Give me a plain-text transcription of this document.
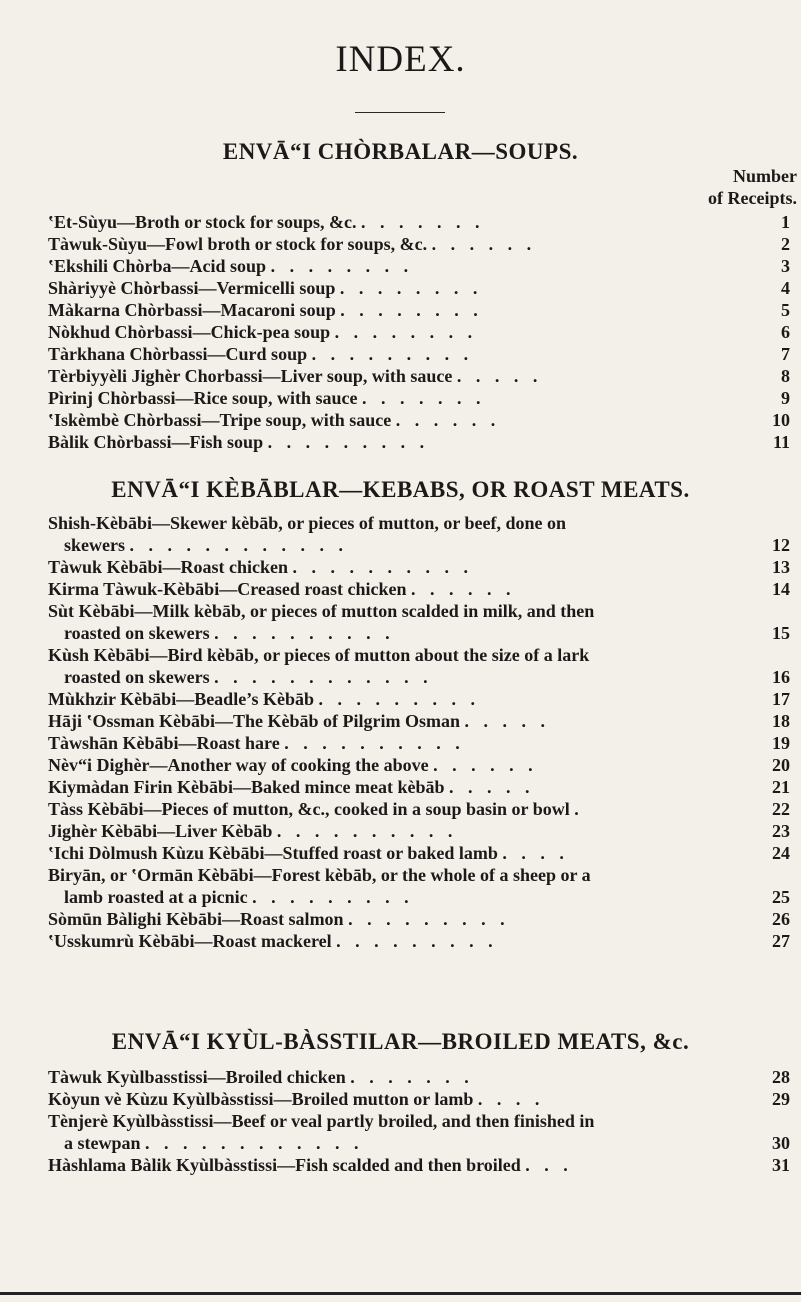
INDEX.
ENVĀ“I CHÒRBALAR—SOUPS.
Number
of Receipts.
ʽEt-Sùyu—Broth or stock for soups, &c. . . . . . . .	1
Tàwuk-Sùyu—Fowl broth or stock for soups, &c. . . . . . .	2
ʽEkshili Chòrba—Acid soup . . . . . . . .	3
Shàriyyè Chòrbassi—Vermicelli soup . . . . . . . .	4
Màkarna Chòrbassi—Macaroni soup . . . . . . . .	5
Nòkhud Chòrbassi—Chick-pea soup . . . . . . . .	6
Tàrkhana Chòrbassi—Curd soup . . . . . . . . .	7
Tèrbiyyèli Jighèr Chorbassi—Liver soup, with sauce . . . . .	8
Pìrinj Chòrbassi—Rice soup, with sauce . . . . . . .	9
ʽIskèmbè Chòrbassi—Tripe soup, with sauce . . . . . .	10
Bàlik Chòrbassi—Fish soup . . . . . . . . .	11
ENVĀ“I KÈBĀBLAR—KEBABS, OR ROAST MEATS.
Shish-Kèbābi—Skewer kèbāb, or pieces of mutton, or beef, done on
skewers . . . . . . . . . . . .	12
Tàwuk Kèbābi—Roast chicken . . . . . . . . . .	13
Kirma Tàwuk-Kèbābi—Creased roast chicken . . . . . .	14
Sùt Kèbābi—Milk kèbāb, or pieces of mutton scalded in milk, and then
roasted on skewers . . . . . . . . . .	15
Kùsh Kèbābi—Bird kèbāb, or pieces of mutton about the size of a lark
roasted on skewers . . . . . . . . . . . .	16
Mùkhzir Kèbābi—Beadle’s Kèbāb . . . . . . . . .	17
Hāji ʽOssman Kèbābi—The Kèbāb of Pilgrim Osman . . . . .	18
Tàwshān Kèbābi—Roast hare . . . . . . . . . .	19
Nèv“i Dighèr—Another way of cooking the above . . . . . .	20
Kiymàdan Firin Kèbābi—Baked mince meat kèbāb . . . . .	21
Tàss Kèbābi—Pieces of mutton, &c., cooked in a soup basin or bowl .	22
Jighèr Kèbābi—Liver Kèbāb . . . . . . . . . .	23
ʽIchi Dòlmush Kùzu Kèbābi—Stuffed roast or baked lamb . . . .	24
Biryān, or ʽOrmān Kèbābi—Forest kèbāb, or the whole of a sheep or a
lamb roasted at a picnic . . . . . . . . .	25
Sòmūn Bàlighi Kèbābi—Roast salmon . . . . . . . . .	26
ʽUsskumrù Kèbābi—Roast mackerel . . . . . . . . .	27
ENVĀ“I KYÙL-BÀSSTILAR—BROILED MEATS, &c.
Tàwuk Kyùlbasstissi—Broiled chicken . . . . . . .	28
Kòyun vè Kùzu Kyùlbàsstissi—Broiled mutton or lamb . . . .	29
Tènjerè Kyùlbàsstissi—Beef or veal partly broiled, and then finished in
a stewpan . . . . . . . . . . . .	30
Hàshlama Bàlik Kyùlbàsstissi—Fish scalded and then broiled . . .	31
